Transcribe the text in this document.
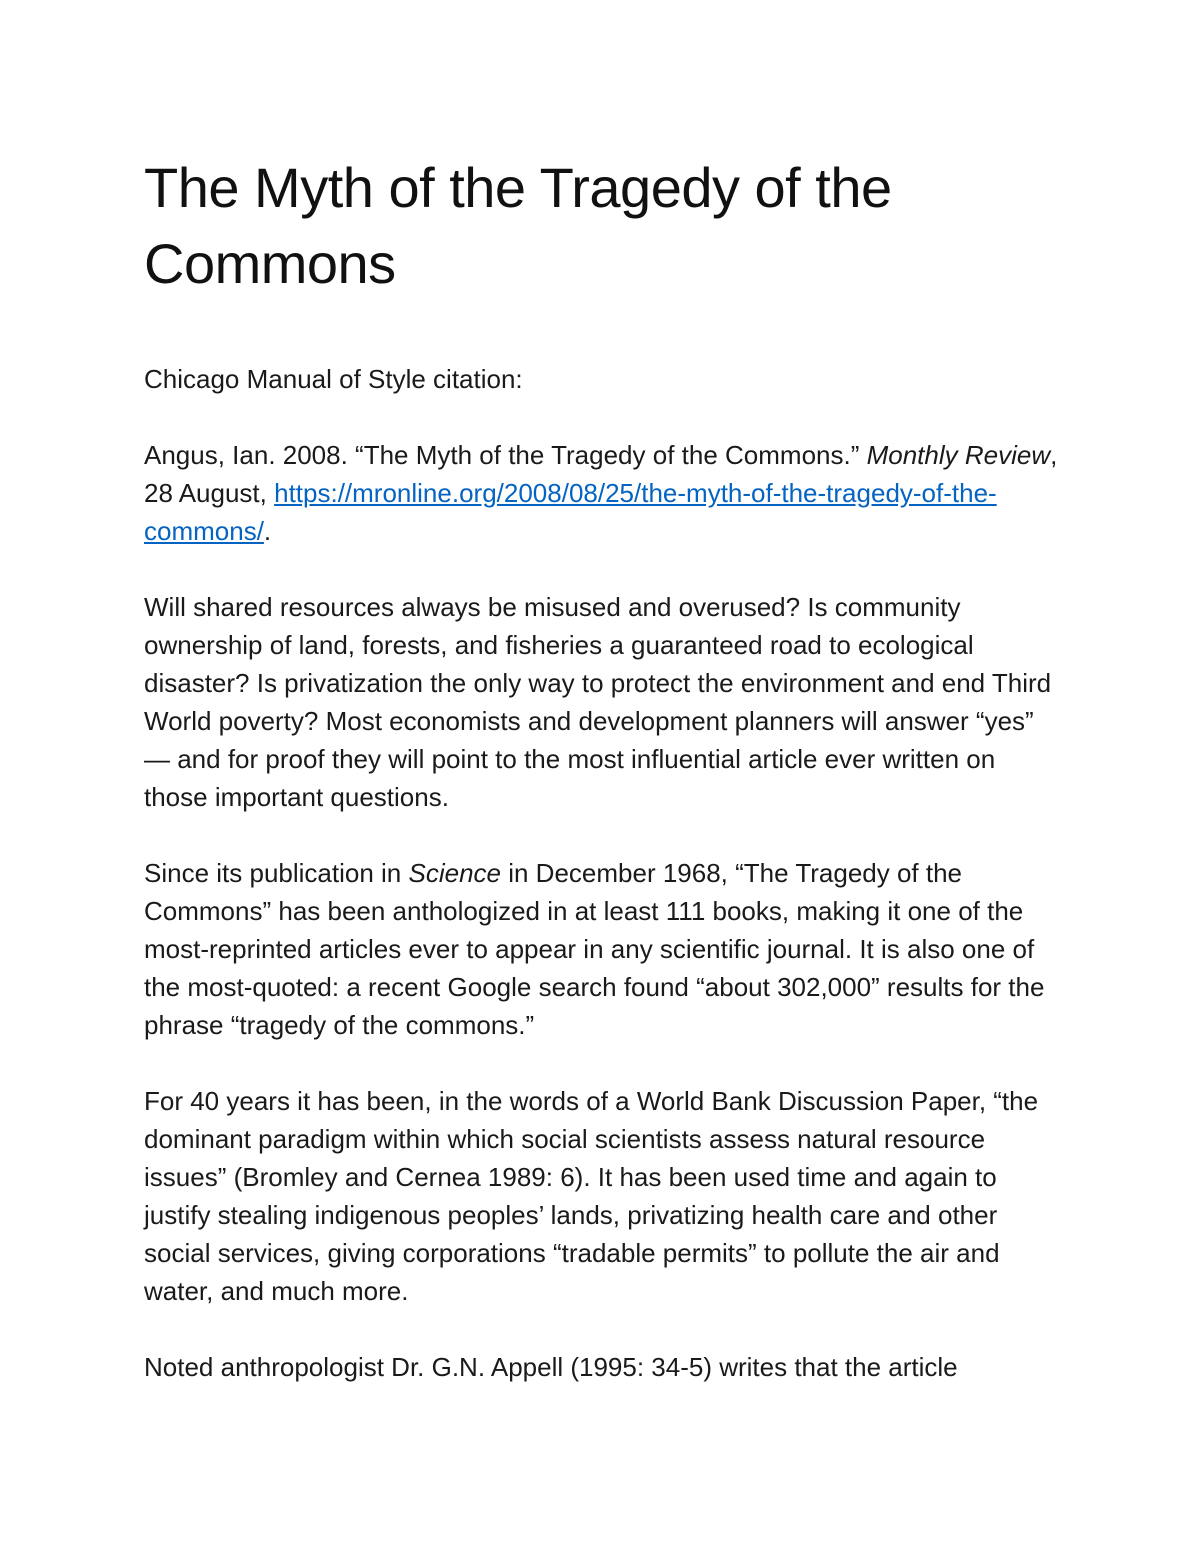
The Myth of the Tragedy of the Commons
Chicago Manual of Style citation:

Angus, Ian. 2008. “The Myth of the Tragedy of the Commons.” Monthly Review, 28 August, https://mronline.org/2008/08/25/the-myth-of-the-tragedy-of-the-commons/.

Will shared resources always be misused and overused? Is community ownership of land, forests, and fisheries a guaranteed road to ecological disaster? Is privatization the only way to protect the environment and end Third World poverty? Most economists and development planners will answer “yes” — and for proof they will point to the most influential article ever written on those important questions.

Since its publication in Science in December 1968, “The Tragedy of the Commons” has been anthologized in at least 111 books, making it one of the most-reprinted articles ever to appear in any scientific journal. It is also one of the most-quoted: a recent Google search found “about 302,000” results for the phrase “tragedy of the commons.”

For 40 years it has been, in the words of a World Bank Discussion Paper, “the dominant paradigm within which social scientists assess natural resource issues” (Bromley and Cernea 1989: 6). It has been used time and again to justify stealing indigenous peoples’ lands, privatizing health care and other social services, giving corporations “tradable permits” to pollute the air and water, and much more.

Noted anthropologist Dr. G.N. Appell (1995: 34-5) writes that the article
